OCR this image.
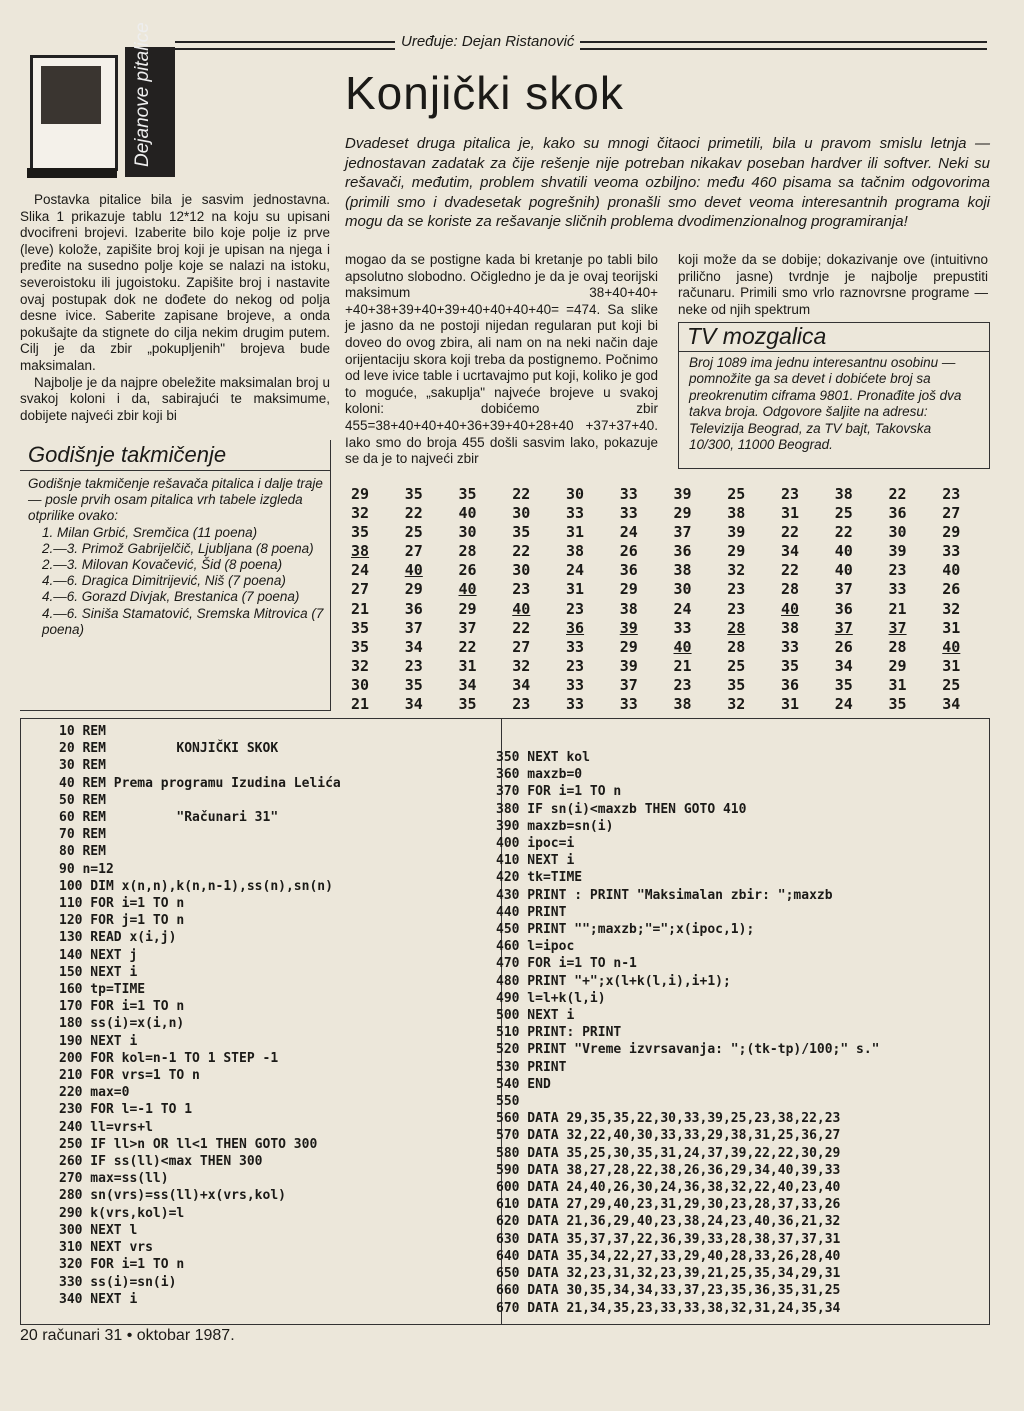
Uređuje: Dejan Ristanović
Dejanove pitalice	Konjički skok
Dvadeset druga pitalica je, kako su mnogi čitaoci primetili, bila u pravom smislu letnja — jednostavan zadatak za čije rešenje nije potreban nikakav poseban hardver ili softver. Neki su rešavači, međutim, problem shvatili veoma ozbiljno: među 460 pisama sa tačnim odgovorima (primili smo i dvadesetak pogrešnih) pronašli smo devet veoma interesantnih programa koji mogu da se koriste za rešavanje sličnih problema dvodimenzionalnog programiranja!

Postavka pitalice bila je sasvim jednostavna. Slika 1 prikazuje tablu 12*12 na koju su upisani dvocifreni brojevi. Izaberite bilo koje polje iz prve (leve) kolože, zapišite broj koji je upisan na njega i pređite na susedno polje koje se nalazi na istoku, severoistoku ili jugoistoku. Zapišite broj i nastavite ovaj postupak dok ne dođete do nekog od polja desne ivice. Saberite zapisane brojeve, a onda pokušajte da stignete do cilja nekim drugim putem. Cilj je da zbir „pokupljenih" brojeva bude maksimalan.

Najbolje je da najpre obeležite maksimalan broj u svakoj koloni i da, sabirajući te maksimume, dobijete najveći zbir koji bi

Godišnje takmičenje
Godišnje takmičenje rešavača pitalica i dalje traje — posle prvih osam pitalica vrh tabele izgleda otprilike ovako:
1. Milan Grbić, Sremčica (11 poena)
2.—3. Primož Gabrijelčič, Ljubljana (8 poena)
2.—3. Milovan Kovačević, Šid (8 poena)
4.—6. Dragica Dimitrijević, Niš (7 poena)
4.—6. Gorazd Divjak, Brestanica (7 poena)
4.—6. Siniša Stamatović, Sremska Mitrovica (7 poena)
mogao da se postigne kada bi kretanje po tabli bilo apsolutno slobodno. Očigledno je da je ovaj teorijski maksimum 38+40+40+ +40+38+39+40+39+40+40+40+40= =474. Sa slike je jasno da ne postoji nijedan regularan put koji bi doveo do ovog zbira, ali nam on na neki način daje orijentaciju skora koji treba da postignemo. Počnimo od leve ivice table i ucrtavajmo put koji, koliko je god to moguće, „sakuplja" najveće brojeve u svakoj koloni: dobićemo zbir 455=38+40+40+40+36+39+40+28+40 +37+37+40. Iako smo do broja 455 došli sasvim lako, pokazuje se da je to najveći zbir
koji može da se dobije; dokazivanje ove (intuitivno prilično jasne) tvrdnje je najbolje prepustiti računaru. Primili smo vrlo raznovrsne programe — neke od njih spektrum
TV mozgalica
Broj 1089 ima jednu interesantnu osobinu — pomnožite ga sa devet i dobićete broj sa preokrenutim ciframa 9801. Pronađite još dva takva broja. Odgovore šaljite na adresu: Televizija Beograd, za TV bajt, Takovska 10/300, 11000 Beograd.
29	35	35	22	30	33	39	25	23	38	22	23
32	22	40	30	33	33	29	38	31	25	36	27
35	25	30	35	31	24	37	39	22	22	30	29
38	27	28	22	38	26	36	29	34	40	39	33
24	40	26	30	24	36	38	32	22	40	23	40
27	29	40	23	31	29	30	23	28	37	33	26
21	36	29	40	23	38	24	23	40	36	21	32
35	37	37	22	36	39	33	28	38	37	37	31
35	34	22	27	33	29	40	28	33	26	28	40
32	23	31	32	23	39	21	25	35	34	29	31
30	35	34	34	33	37	23	35	36	35	31	25
21	34	35	23	33	33	38	32	31	24	35	34
10 REM
20 REM         KONJIČKI SKOK
30 REM
40 REM Prema programu Izudina Lelića
50 REM
60 REM         "Računari 31"
70 REM
80 REM
90 n=12
100 DIM x(n,n),k(n,n-1),ss(n),sn(n)
110 FOR i=1 TO n
120 FOR j=1 TO n
130 READ x(i,j)
140 NEXT j
150 NEXT i
160 tp=TIME
170 FOR i=1 TO n
180 ss(i)=x(i,n)
190 NEXT i
200 FOR kol=n-1 TO 1 STEP -1
210 FOR vrs=1 TO n
220 max=0
230 FOR l=-1 TO 1
240 ll=vrs+l
250 IF ll>n OR ll<1 THEN GOTO 300
260 IF ss(ll)<max THEN 300
270 max=ss(ll)
280 sn(vrs)=ss(ll)+x(vrs,kol)
290 k(vrs,kol)=l
300 NEXT l
310 NEXT vrs
320 FOR i=1 TO n
330 ss(i)=sn(i)
340 NEXT i
350 NEXT kol
360 maxzb=0
370 FOR i=1 TO n
380 IF sn(i)<maxzb THEN GOTO 410
390 maxzb=sn(i)
400 ipoc=i
410 NEXT i
420 tk=TIME
430 PRINT : PRINT "Maksimalan zbir: ";maxzb
440 PRINT
450 PRINT "";maxzb;"=";x(ipoc,1);
460 l=ipoc
470 FOR i=1 TO n-1
480 PRINT "+";x(l+k(l,i),i+1);
490 l=l+k(l,i)
500 NEXT i
510 PRINT: PRINT
520 PRINT "Vreme izvrsavanja: ";(tk-tp)/100;" s."
530 PRINT
540 END
550
560 DATA 29,35,35,22,30,33,39,25,23,38,22,23
570 DATA 32,22,40,30,33,33,29,38,31,25,36,27
580 DATA 35,25,30,35,31,24,37,39,22,22,30,29
590 DATA 38,27,28,22,38,26,36,29,34,40,39,33
600 DATA 24,40,26,30,24,36,38,32,22,40,23,40
610 DATA 27,29,40,23,31,29,30,23,28,37,33,26
620 DATA 21,36,29,40,23,38,24,23,40,36,21,32
630 DATA 35,37,37,22,36,39,33,28,38,37,37,31
640 DATA 35,34,22,27,33,29,40,28,33,26,28,40
650 DATA 32,23,31,32,23,39,21,25,35,34,29,31
660 DATA 30,35,34,34,33,37,23,35,36,35,31,25
670 DATA 21,34,35,23,33,33,38,32,31,24,35,34
20 računari 31 • oktobar 1987.
